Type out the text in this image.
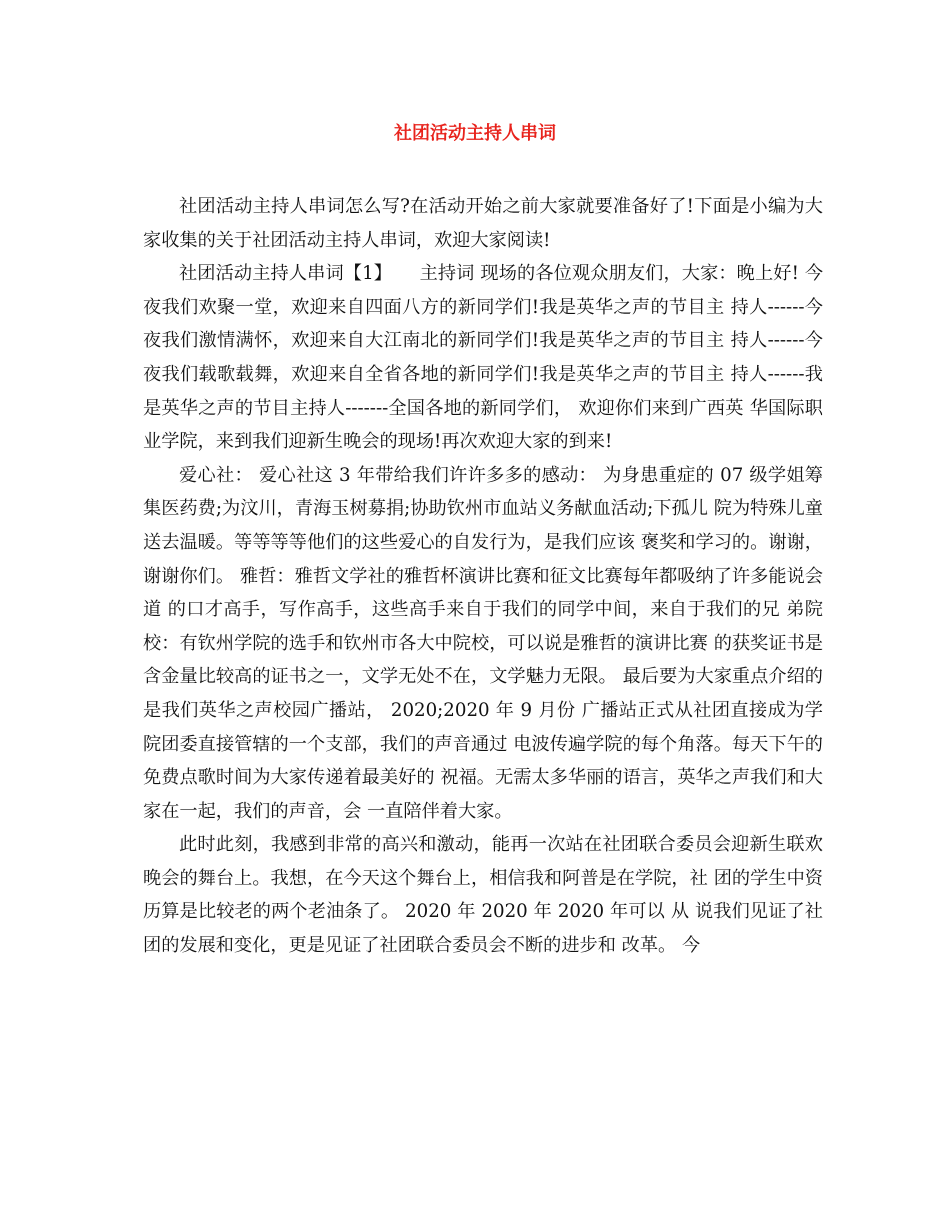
社团活动主持人串词

社团活动主持人串词怎么写?在活动开始之前大家就要准备好了!下面是小编为大家收集的关于社团活动主持人串词，欢迎大家阅读!

社团活动主持人串词【1】　　主持词 现场的各位观众朋友们，大家：晚上好! 今夜我们欢聚一堂，欢迎来自四面八方的新同学们!我是英华之声的节目主 持人------今夜我们激情满怀，欢迎来自大江南北的新同学们!我是英华之声的节目主 持人------今夜我们载歌载舞，欢迎来自全省各地的新同学们!我是英华之声的节目主 持人------我是英华之声的节目主持人-------全国各地的新同学们， 欢迎你们来到广西英 华国际职业学院，来到我们迎新生晚会的现场!再次欢迎大家的到来!

爱心社： 爱心社这 3 年带给我们许许多多的感动： 为身患重症的 07 级学姐筹 集医药费;为汶川，青海玉树募捐;协助钦州市血站义务献血活动;下孤儿 院为特殊儿童送去温暖。等等等等他们的这些爱心的自发行为，是我们应该 褒奖和学习的。谢谢，谢谢你们。 雅哲：雅哲文学社的雅哲杯演讲比赛和征文比赛每年都吸纳了许多能说会道 的口才高手，写作高手，这些高手来自于我们的同学中间，来自于我们的兄 弟院校：有钦州学院的选手和钦州市各大中院校，可以说是雅哲的演讲比赛 的获奖证书是含金量比较高的证书之一，文学无处不在，文学魅力无限。 最后要为大家重点介绍的是我们英华之声校园广播站， 2020;2020 年 9 月份 广播站正式从社团直接成为学院团委直接管辖的一个支部，我们的声音通过 电波传遍学院的每个角落。每天下午的免费点歌时间为大家传递着最美好的 祝福。无需太多华丽的语言，英华之声我们和大家在一起，我们的声音，会 一直陪伴着大家。

此时此刻，我感到非常的高兴和激动，能再一次站在社团联合委员会迎新生联欢晚会的舞台上。我想，在今天这个舞台上，相信我和阿普是在学院，社 团的学生中资历算是比较老的两个老油条了。 2020 年 2020 年 2020 年可以 从 说我们见证了社团的发展和变化，更是见证了社团联合委员会不断的进步和 改革。 今
